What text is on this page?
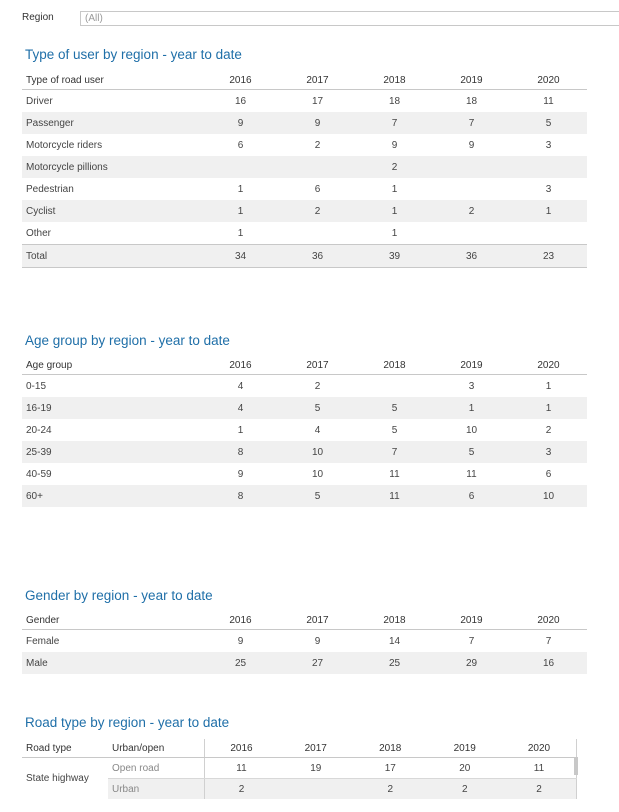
Region	(All)
Type of user by region - year to date
Type of road user	2016	2017	2018	2019	2020
Driver	16	17	18	18	11
Passenger	9	9	7	7	5
Motorcycle riders	6	2	9	9	3
Motorcycle pillions			2		
Pedestrian	1	6	1		3
Cyclist	1	2	1	2	1
Other	1		1		
Total	34	36	39	36	23
Age group by region - year to date
Age group	2016	2017	2018	2019	2020
0-15	4	2		3	1
16-19	4	5	5	1	1
20-24	1	4	5	10	2
25-39	8	10	7	5	3
40-59	9	10	11	11	6
60+	8	5	11	6	10
Gender by region - year to date
Gender	2016	2017	2018	2019	2020
Female	9	9	14	7	7
Male	25	27	25	29	16
Road type by region - year to date
Road type	Urban/open	2016	2017	2018	2019	2020
State highway	Open road	11	19	17	20	11
	Urban	2		2	2	2
